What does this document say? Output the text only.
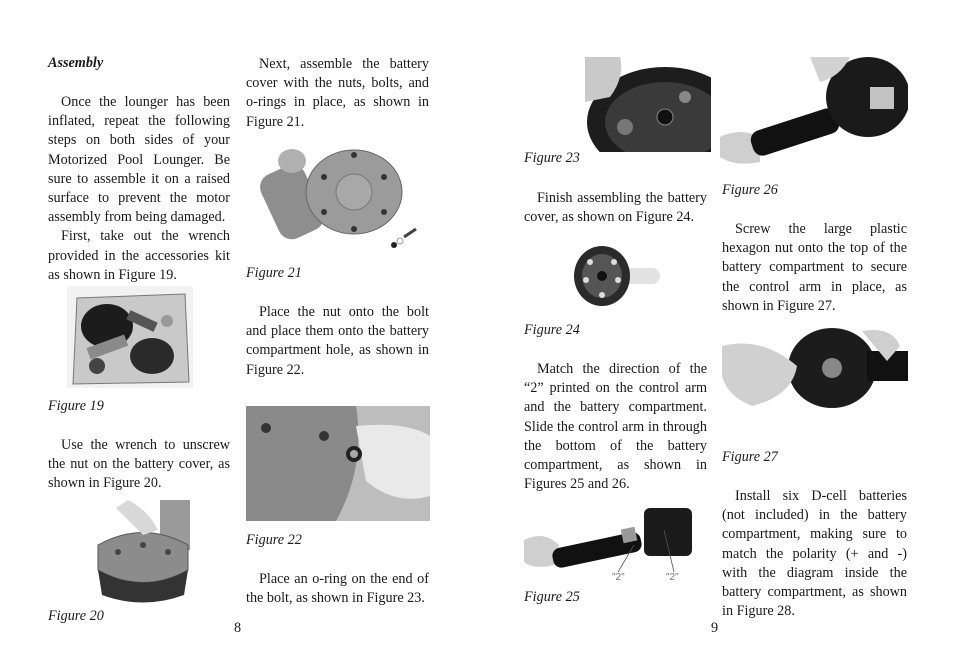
Assembly

Once the lounger has been inflated, repeat the following steps on both sides of your Motorized Pool Lounger. Be sure to assemble it on a raised surface to prevent the motor assembly from being damaged.

First, take out the wrench provided in the accessories kit as shown in Figure 19.

Figure 19

Use the wrench to unscrew the nut on the battery cover, as shown in Figure 20.

Figure 20

Next, assemble the battery cover with the nuts, bolts, and o-rings in place, as shown in Figure 21.

Figure 21

Place the nut onto the bolt and place them onto the battery compartment hole, as shown in Figure 22.

Figure 22

Place an o-ring on the end of the bolt, as shown in Figure 23.

8
Figure 23

Finish assembling the battery cover, as shown on Figure 24.

Figure 24

Match the direction of the “2” printed on the control arm and the battery compartment. Slide the control arm in through the bottom of the battery compartment, as shown in Figures 25 and 26.

"2"	"2"
Figure 25
Figure 26

Screw the large plastic hexagon nut onto the top of the battery compartment to secure the control arm in place, as shown in Figure 27.

Figure 27

Install six D-cell batteries (not included) in the battery compartment, making sure to match the polarity (+ and -) with the diagram inside the battery compartment, as shown in Figure 28.

9
